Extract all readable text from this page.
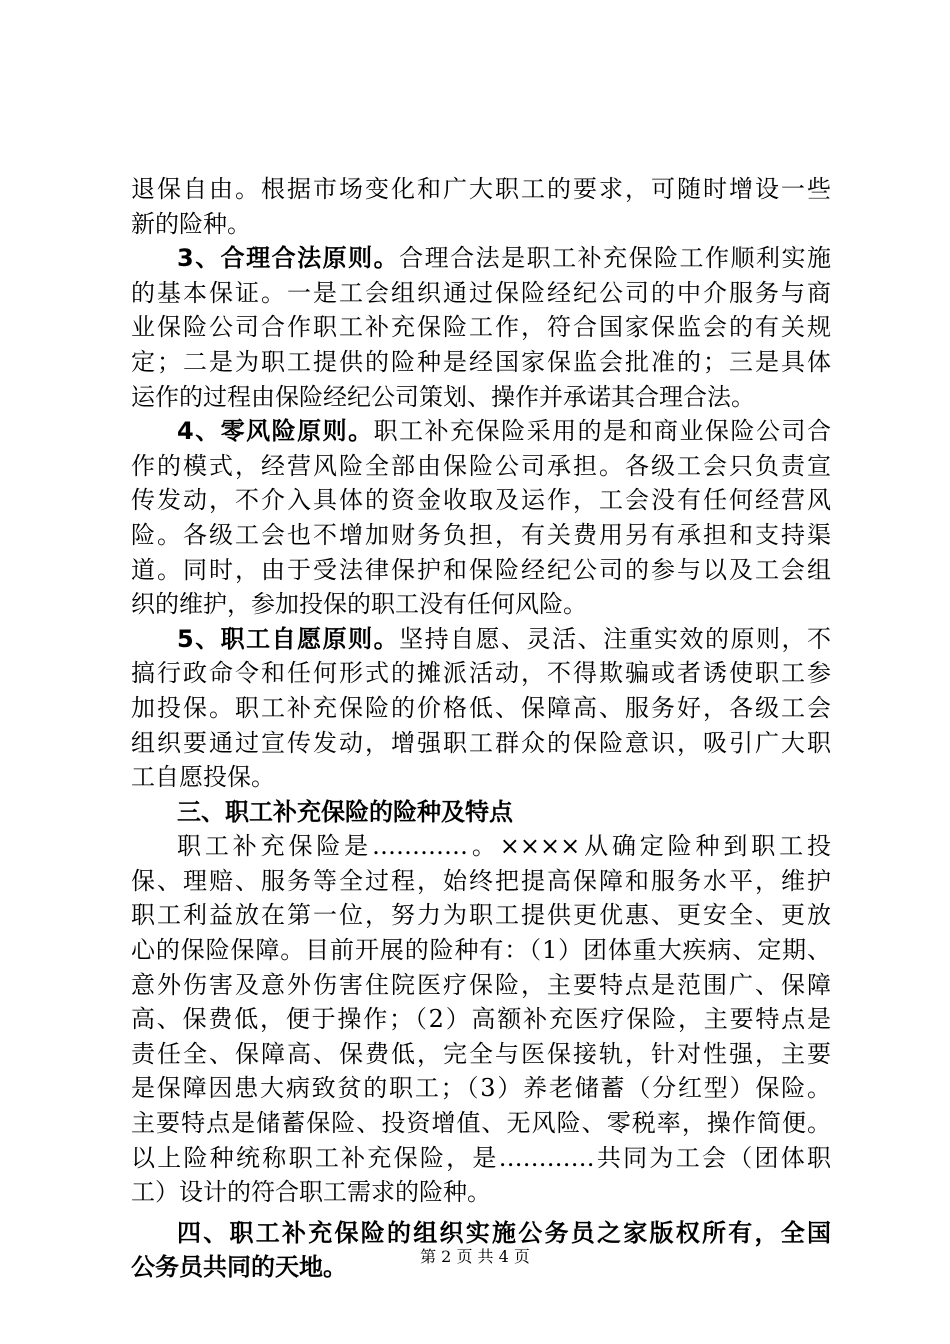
退保自由。根据市场变化和广大职工的要求，可随时增设一些
新的险种。
3、合理合法原则。合理合法是职工补充保险工作顺利实施
的基本保证。一是工会组织通过保险经纪公司的中介服务与商
业保险公司合作职工补充保险工作，符合国家保监会的有关规
定；二是为职工提供的险种是经国家保监会批准的；三是具体
运作的过程由保险经纪公司策划、操作并承诺其合理合法。
4、零风险原则。职工补充保险采用的是和商业保险公司合
作的模式，经营风险全部由保险公司承担。各级工会只负责宣
传发动，不介入具体的资金收取及运作，工会没有任何经营风
险。各级工会也不增加财务负担，有关费用另有承担和支持渠
道。同时，由于受法律保护和保险经纪公司的参与以及工会组
织的维护，参加投保的职工没有任何风险。
5、职工自愿原则。坚持自愿、灵活、注重实效的原则，不
搞行政命令和任何形式的摊派活动，不得欺骗或者诱使职工参
加投保。职工补充保险的价格低、保障高、服务好，各级工会
组织要通过宣传发动，增强职工群众的保险意识，吸引广大职
工自愿投保。
三、职工补充保险的险种及特点
职工补充保险是…………。××××从确定险种到职工投
保、理赔、服务等全过程，始终把提高保障和服务水平，维护
职工利益放在第一位，努力为职工提供更优惠、更安全、更放
心的保险保障。目前开展的险种有：（1）团体重大疾病、定期、
意外伤害及意外伤害住院医疗保险，主要特点是范围广、保障
高、保费低，便于操作；（2）高额补充医疗保险，主要特点是
责任全、保障高、保费低，完全与医保接轨，针对性强，主要
是保障因患大病致贫的职工；（3）养老储蓄（分红型）保险。
主要特点是储蓄保险、投资增值、无风险、零税率，操作简便。
以上险种统称职工补充保险，是…………共同为工会（团体职
工）设计的符合职工需求的险种。
四、职工补充保险的组织实施公务员之家版权所有，全国
公务员共同的天地。	第 2 页 共 4 页
